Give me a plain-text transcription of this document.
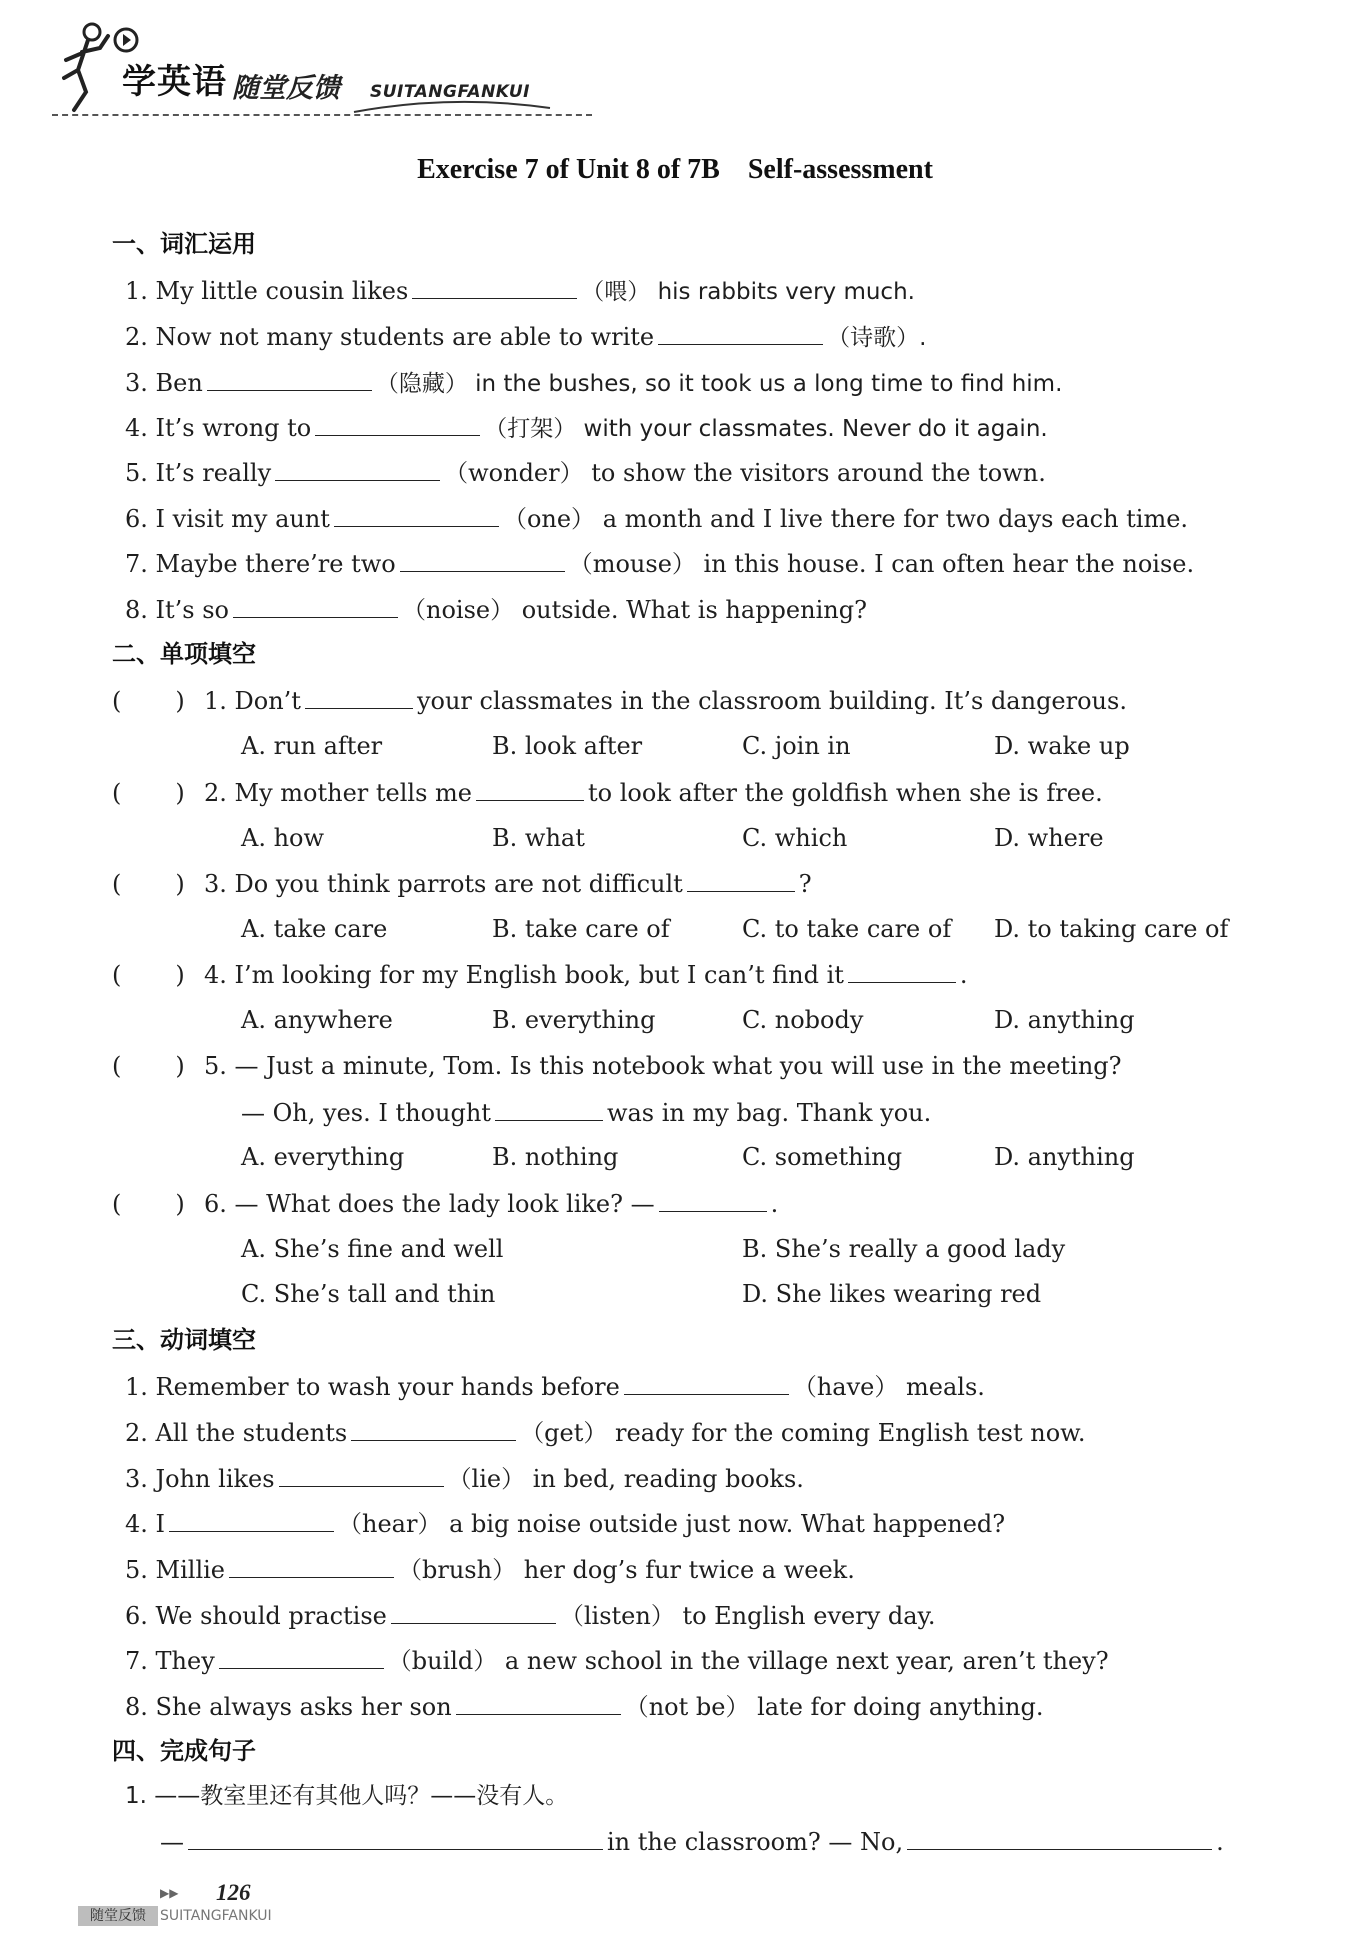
学英语 随堂反馈 SUITANGFANKUI
Exercise 7 of Unit 8 of 7B Self-assessment
一、词汇运用
1. My little cousin likes	（喂） his rabbits very much.
2. Now not many students are able to write	（诗歌）.
3. Ben	（隐藏） in the bushes, so it took us a long time to find him.
4. It’s wrong to	（打架） with your classmates. Never do it again.
5. It’s really	（wonder） to show the visitors around the town.
6. I visit my aunt	（one） a month and I live there for two days each time.
7. Maybe there’re two	（mouse） in this house. I can often hear the noise.
8. It’s so	（noise） outside. What is happening?
二、单项填空
( ) 1. Don’t	your classmates in the classroom building. It’s dangerous.
A. run after	B. look after	C. join in	D. wake up
( ) 2. My mother tells me	to look after the goldfish when she is free.
A. how	B. what	C. which	D. where
( ) 3. Do you think parrots are not difficult	?
A. take care	B. take care of	C. to take care of D. to taking care of
( ) 4. I’m looking for my English book, but I can’t find it	.
A. anywhere	B. everything	C. nobody	D. anything
( ) 5. — Just a minute, Tom. Is this notebook what you will use in the meeting?
— Oh, yes. I thought	was in my bag. Thank you.
A. everything	B. nothing	C. something	D. anything
( ) 6. — What does the lady look like? —	.
A. She’s fine and well	B. She’s really a good lady
C. She’s tall and thin	D. She likes wearing red
三、动词填空
1. Remember to wash your hands before	（have） meals.
2. All the students	（get） ready for the coming English test now.
3. John likes	（lie） in bed, reading books.
4. I	（hear） a big noise outside just now. What happened?
5. Millie	（brush） her dog’s fur twice a week.
6. We should practise	（listen） to English every day.
7. They	（build） a new school in the village next year, aren’t they?
8. She always asks her son	（not be） late for doing anything.
四、完成句子
1. ——教室里还有其他人吗？——没有人。
—	in the classroom? — No,	.
▶▶ 126
随堂反馈	SUITANGFANKUI
